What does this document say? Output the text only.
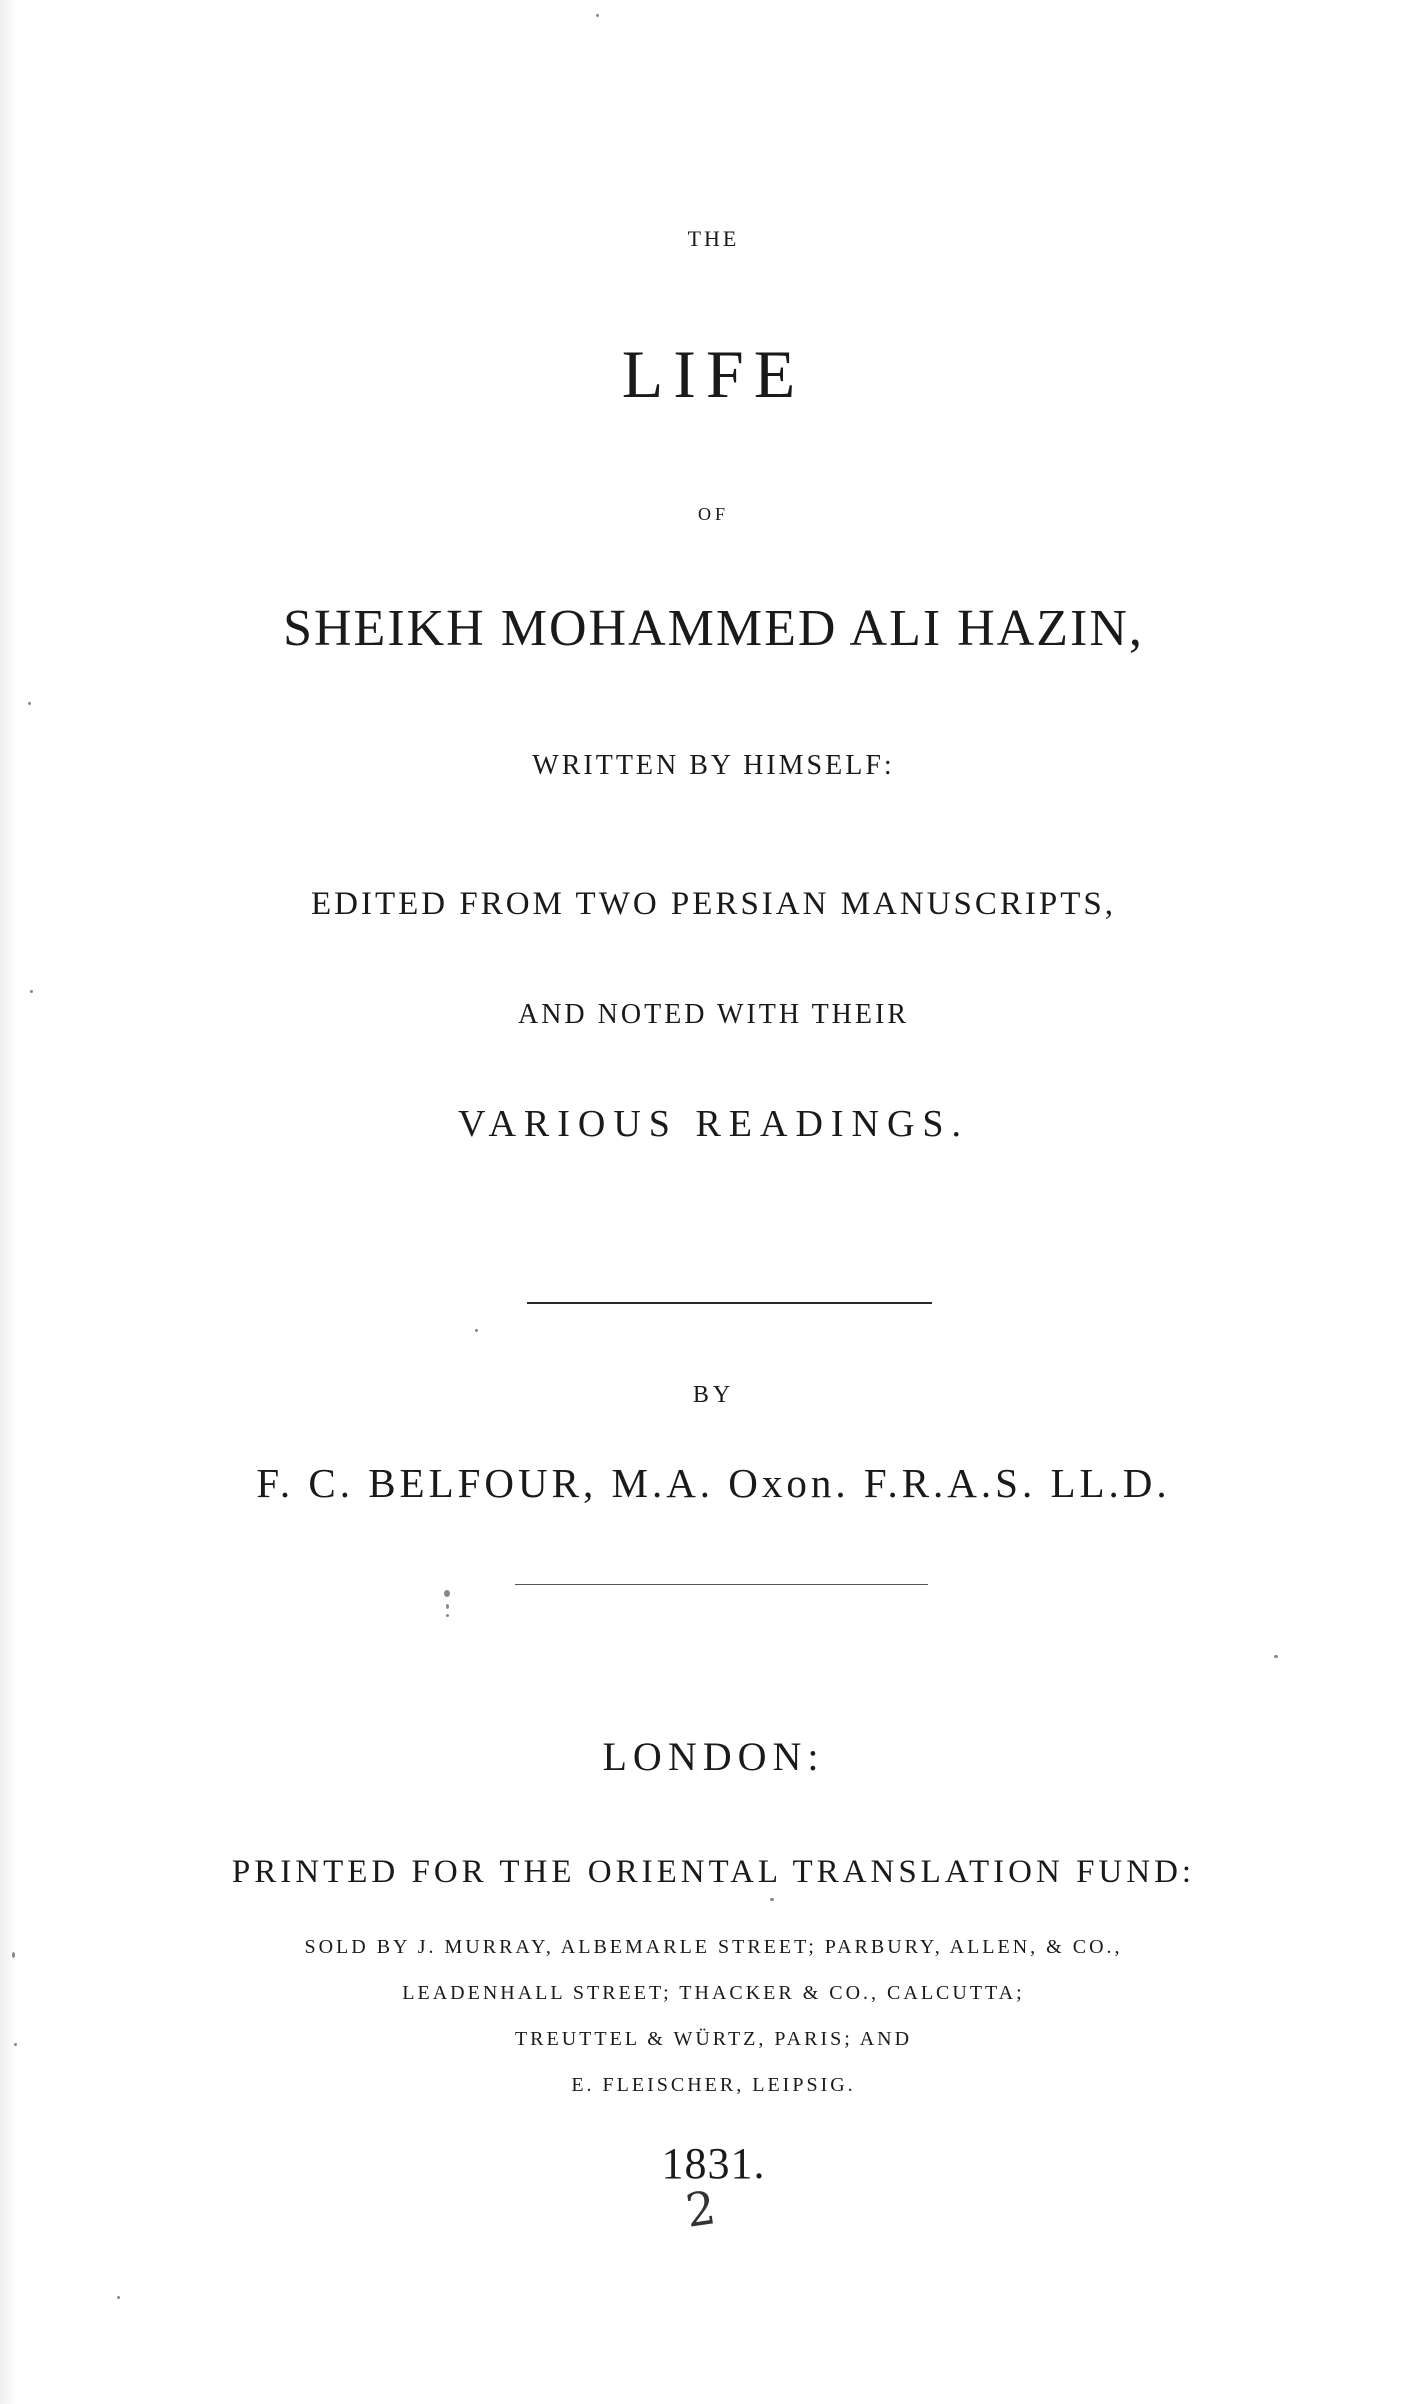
THE
LIFE
OF
SHEIKH MOHAMMED ALI HAZIN,
WRITTEN BY HIMSELF:
EDITED FROM TWO PERSIAN MANUSCRIPTS,
AND NOTED WITH THEIR
VARIOUS READINGS.
BY
F. C. BELFOUR, M.A. Oxon. F.R.A.S. LL.D.
LONDON:
PRINTED FOR THE ORIENTAL TRANSLATION FUND:
SOLD BY J. MURRAY, ALBEMARLE STREET; PARBURY, ALLEN, & CO.,
LEADENHALL STREET; THACKER & CO., CALCUTTA;
TREUTTEL & WÜRTZ, PARIS; AND
E. FLEISCHER, LEIPSIG.
1831.
2
